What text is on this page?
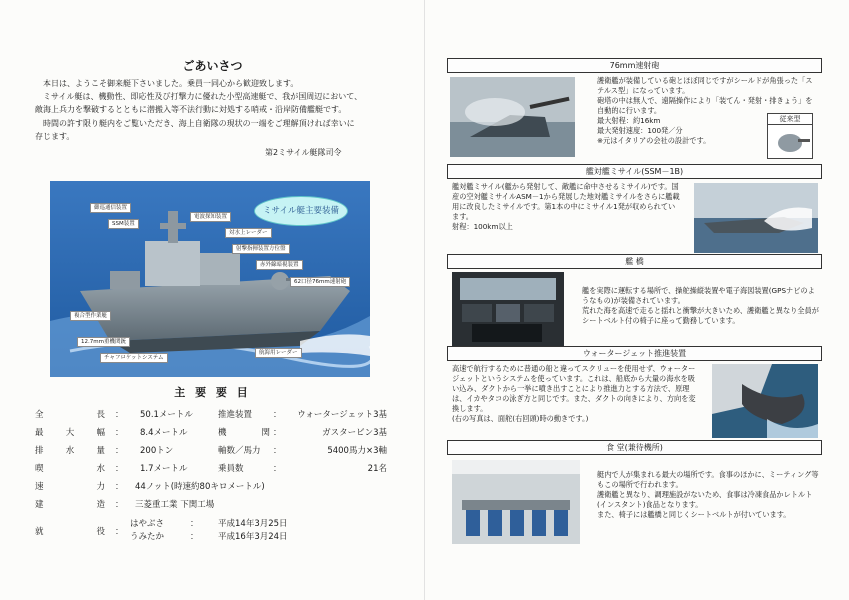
ごあいさつ
本日は、ようこそ御来艇下さいました。乗員一同心から歓迎致します。
ミサイル艇は、機動性、即応性及び打撃力に優れた小型高速艇で、我が国周辺において、
敵海上兵力を撃破するとともに潜搬入等不法行動に対処する哨戒・沿岸防備艦艇です。
時間の許す限り艇内をご覧いただき、海上自衛隊の現状の一端をご理解頂ければ幸いに
存じます。
第2ミサイル艇隊司令
ミサイル艇主要装備
御巡通信装置
SSM装置
電波探知装置
対水上レーダー
射撃指揮装置方位盤
赤外線暗視装置
62口径76mm速射砲
複合型作業艇
12.7mm重機関銃
チャフロケットシステム
航海用レーダー
主 要 要 目
全長 ： 50.1メートル	推進装置 ： ウォータージェット3基
最大幅 ： 8.4メートル	機関 ：	ガスタービン3基
排水量 ： 200トン	軸数／馬力 ：	5400馬力×3軸
喫水 ： 1.7メートル	乗員数	：	21名
速力 ： 44ノット(時速約80キロメートル)
建造 ： 三菱重工業 下関工場
就役 ：
はやぶさ	： 平成14年3月25日
うみたか	： 平成16年3月24日
76mm速射砲

護衛艦が装備している砲とほぼ同じですがシールドが角張った「ステルス型」になっています。
砲塔の中は無人で、遠隔操作により「装てん・発射・排きょう」を自動的に行います。
最大射程：約16km
最大発射速度：100発／分
※元はイタリアの会社の設計です。

従来型
艦対艦ミサイル(SSM－1B)

艦対艦ミサイル(艦から発射して、敵艦に命中させるミサイル)です。国産の空対艦ミサイルASM－1から発展した地対艦ミサイルをさらに艦載用に改良したミサイルです。第1本の中にミサイル1発が収められています。
射程：100km以上

艦 橋

艦を実際に運転する場所で、操舵操縦装置や電子海図装置(GPSナビのようなもの)が装備されています。
荒れた海を高速で走ると揺れと衝撃が大きいため、護衛艦と異なり全員がシートベルト付の椅子に座って勤務しています。

ウォータージェット推進装置

高速で航行するために普通の船と違ってスクリューを使用せず、ウォータージェットというシステムを使っています。これは、船底から大量の海水を吸い込み、ダクトから一挙に噴き出すことにより推進力とする方法で、原理は、イカやタコの泳ぎ方と同じです。また、ダクトの向きにより、方向を変換します。
(右の写真は、面舵(右回頭)時の動きです。)

食 堂(兼待機所)

艇内で人が集まれる最大の場所です。食事のほかに、ミーティング等もこの場所で行われます。
護衛艦と異なり、調理施設がないため、食事は冷凍食品かレトルト(インスタント)食品となります。
また、椅子には艦橋と同じくシートベルトが付いています。
